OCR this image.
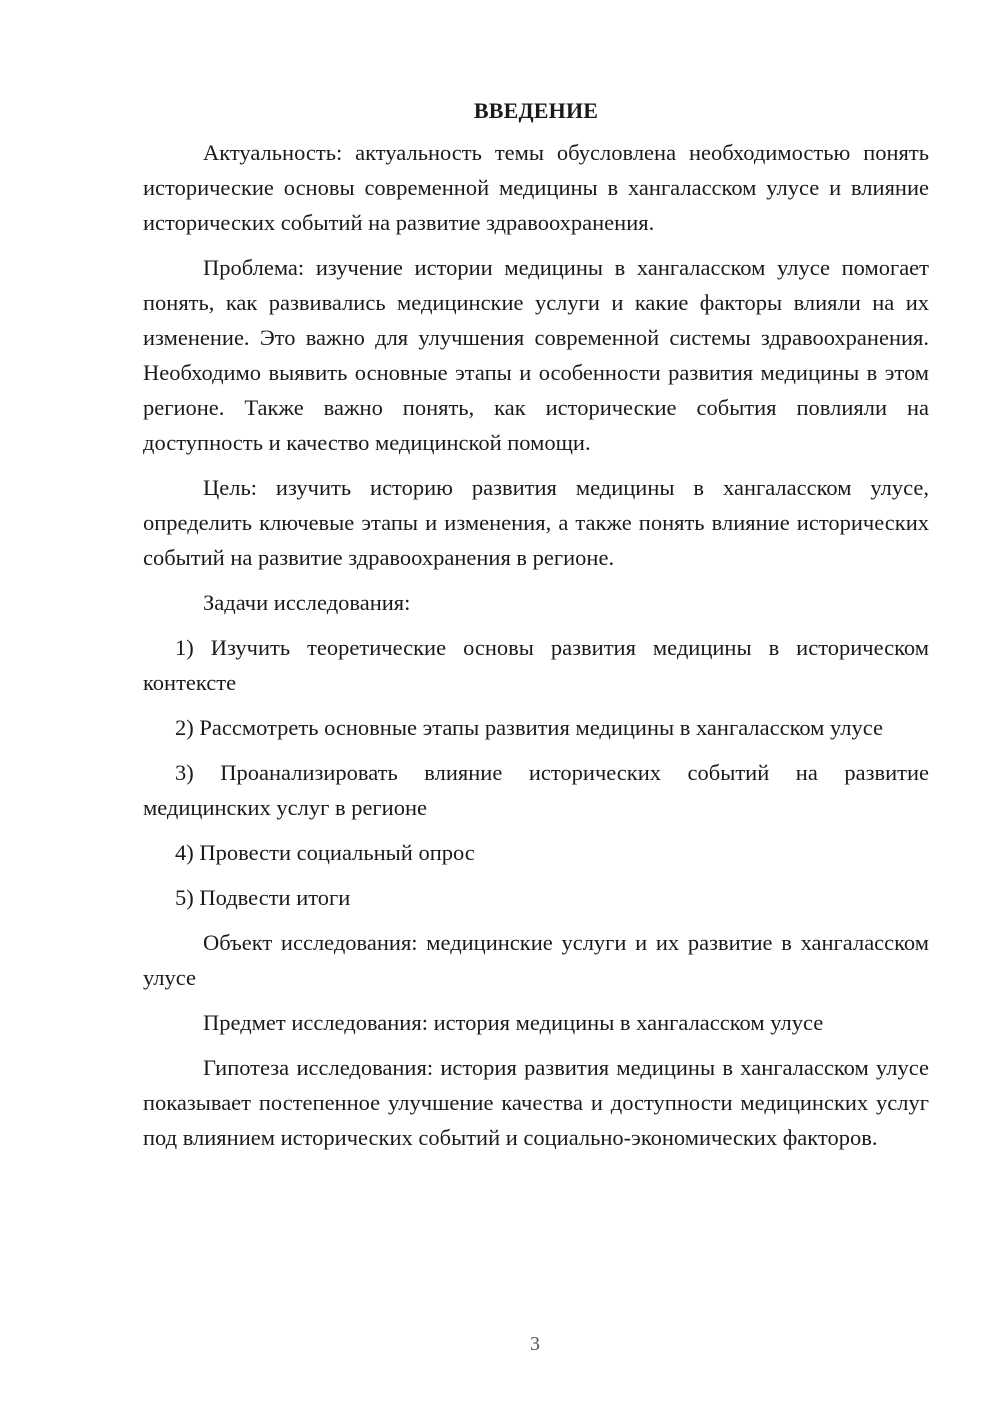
ВВЕДЕНИЕ

Актуальность: актуальность темы обусловлена необходимостью понять исторические основы современной медицины в хангаласском улусе и влияние исторических событий на развитие здравоохранения.

Проблема: изучение истории медицины в хангаласском улусе помогает понять, как развивались медицинские услуги и какие факторы влияли на их изменение. Это важно для улучшения современной системы здравоохранения. Необходимо выявить основные этапы и особенности развития медицины в этом регионе. Также важно понять, как исторические события повлияли на доступность и качество медицинской помощи.

Цель: изучить историю развития медицины в хангаласском улусе, определить ключевые этапы и изменения, а также понять влияние исторических событий на развитие здравоохранения в регионе.

Задачи исследования:

1) Изучить теоретические основы развития медицины в историческом контексте

2) Рассмотреть основные этапы развития медицины в хангаласском улусе

3) Проанализировать влияние исторических событий на развитие медицинских услуг в регионе

4) Провести социальный опрос

5) Подвести итоги

Объект исследования: медицинские услуги и их развитие в хангаласском улусе

Предмет исследования: история медицины в хангаласском улусе

Гипотеза исследования: история развития медицины в хангаласском улусе показывает постепенное улучшение качества и доступности медицинских услуг под влиянием исторических событий и социально-экономических факторов.

3
